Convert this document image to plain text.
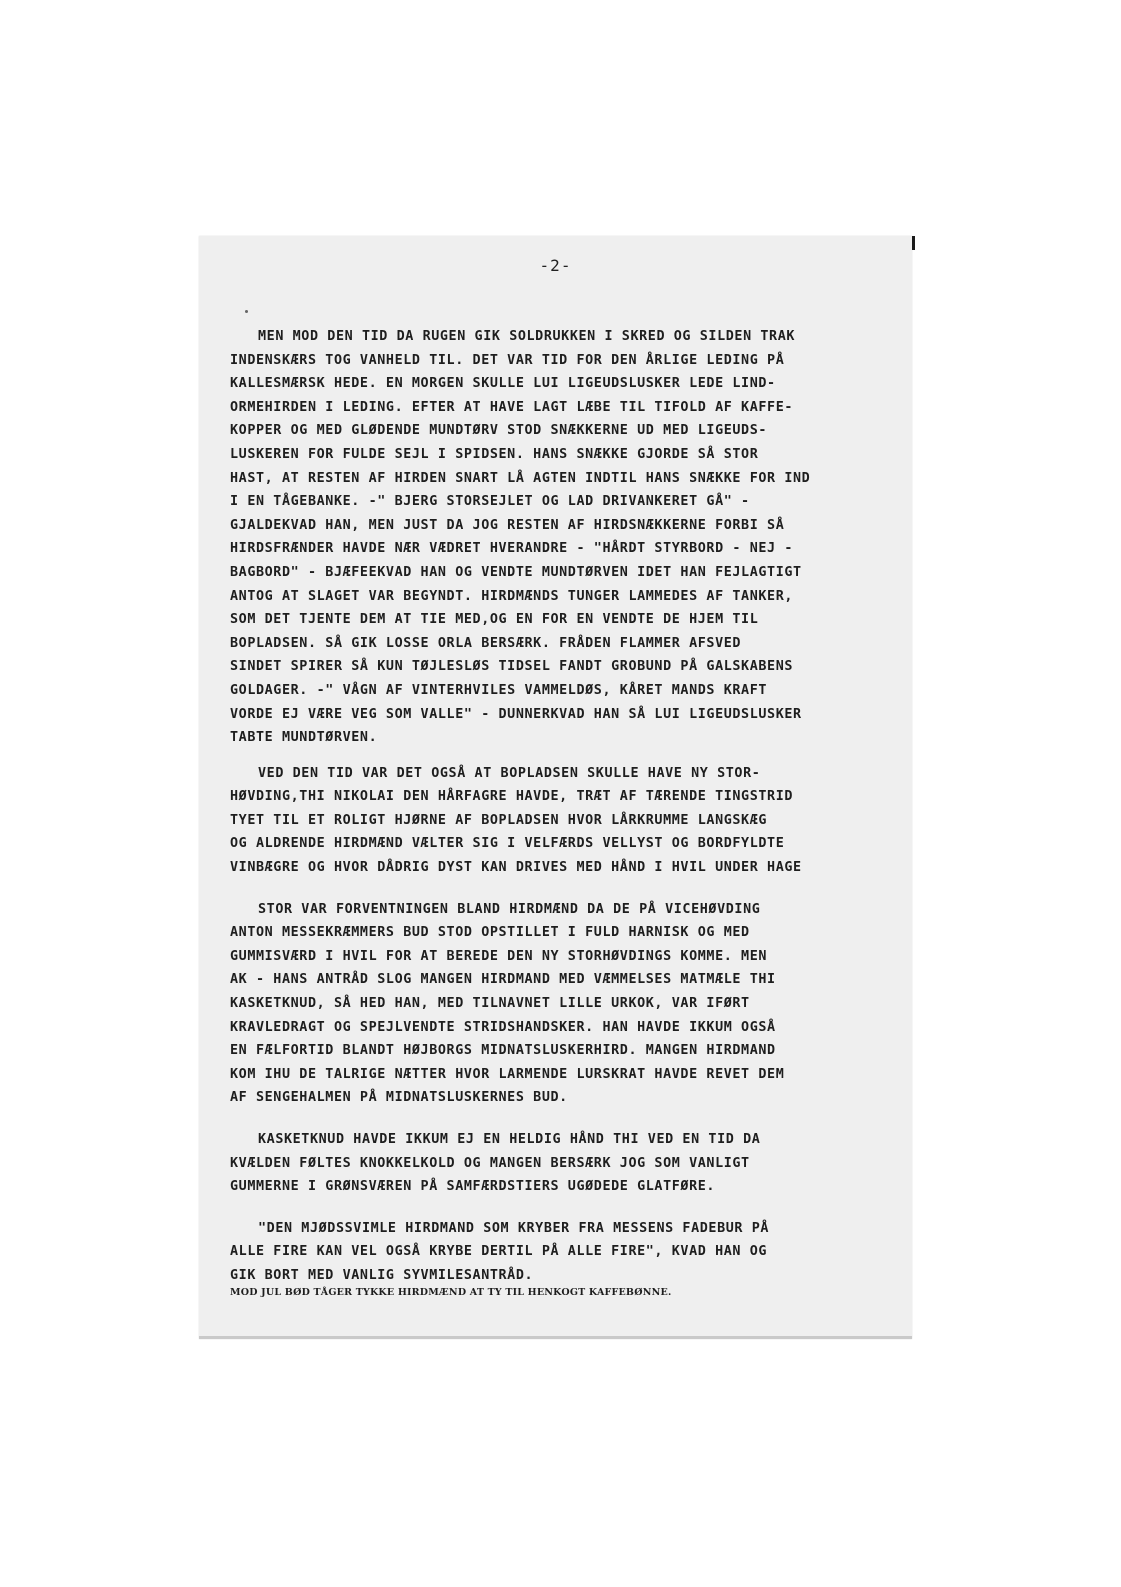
-2-
MEN MOD DEN TID DA RUGEN GIK SOLDRUKKEN I SKRED OG SILDEN TRAK
INDENSKÆRS TOG VANHELD TIL. DET VAR TID FOR DEN ÅRLIGE LEDING PÅ
KALLESMÆRSK HEDE. EN MORGEN SKULLE LUI LIGEUDSLUSKER LEDE LIND-
ORMEHIRDEN I LEDING. EFTER AT HAVE LAGT LÆBE TIL TIFOLD AF KAFFE-
KOPPER OG MED GLØDENDE MUNDTØRV STOD SNÆKKERNE UD MED LIGEUDS-
LUSKEREN FOR FULDE SEJL I SPIDSEN. HANS SNÆKKE GJORDE SÅ STOR
HAST, AT RESTEN AF HIRDEN SNART LÅ AGTEN INDTIL HANS SNÆKKE FOR IND
I EN TÅGEBANKE. -" BJERG STORSEJLET OG LAD DRIVANKERET GÅ" -
GJALDEKVAD HAN, MEN JUST DA JOG RESTEN AF HIRDSNÆKKERNE FORBI SÅ
HIRDSFRÆNDER HAVDE NÆR VÆDRET HVERANDRE - "HÅRDT STYRBORD - NEJ -
BAGBORD" - BJÆFEEKVAD HAN OG VENDTE MUNDTØRVEN IDET HAN FEJLAGTIGT
ANTOG AT SLAGET VAR BEGYNDT. HIRDMÆNDS TUNGER LAMMEDES AF TANKER,
SOM DET TJENTE DEM AT TIE MED,OG EN FOR EN VENDTE DE HJEM TIL
BOPLADSEN. SÅ GIK LOSSE ORLA BERSÆRK. FRÅDEN FLAMMER AFSVED
SINDET SPIRER SÅ KUN TØJLESLØS TIDSEL FANDT GROBUND PÅ GALSKABENS
GOLDAGER. -" VÅGN AF VINTERHVILES VAMMELDØS, KÅRET MANDS KRAFT
VORDE EJ VÆRE VEG SOM VALLE" - DUNNERKVAD HAN SÅ LUI LIGEUDSLUSKER
TABTE MUNDTØRVEN.
VED DEN TID VAR DET OGSÅ AT BOPLADSEN SKULLE HAVE NY STOR-
HØVDING,THI NIKOLAI DEN HÅRFAGRE HAVDE, TRÆT AF TÆRENDE TINGSTRID
TYET TIL ET ROLIGT HJØRNE AF BOPLADSEN HVOR LÅRKRUMME LANGSKÆG
OG ALDRENDE HIRDMÆND VÆLTER SIG I VELFÆRDS VELLYST OG BORDFYLDTE
VINBÆGRE OG HVOR DÅDRIG DYST KAN DRIVES MED HÅND I HVIL UNDER HAGE
STOR VAR FORVENTNINGEN BLAND HIRDMÆND DA DE PÅ VICEHØVDING
ANTON MESSEKRÆMMERS BUD STOD OPSTILLET I FULD HARNISK OG MED
GUMMISVÆRD I HVIL FOR AT BEREDE DEN NY STORHØVDINGS KOMME. MEN
AK - HANS ANTRÅD SLOG MANGEN HIRDMAND MED VÆMMELSES MATMÆLE THI
KASKETKNUD, SÅ HED HAN, MED TILNAVNET LILLE URKOK, VAR IFØRT
KRAVLEDRAGT OG SPEJLVENDTE STRIDSHANDSKER. HAN HAVDE IKKUM OGSÅ
EN FÆLFORTID BLANDT HØJBORGS MIDNATSLUSKERHIRD. MANGEN HIRDMAND
KOM IHU DE TALRIGE NÆTTER HVOR LARMENDE LURSKRAT HAVDE REVET DEM
AF SENGEHALMEN PÅ MIDNATSLUSKERNES BUD.
KASKETKNUD HAVDE IKKUM EJ EN HELDIG HÅND THI VED EN TID DA
KVÆLDEN FØLTES KNOKKELKOLD OG MANGEN BERSÆRK JOG SOM VANLIGT
GUMMERNE I GRØNSVÆREN PÅ SAMFÆRDSTIERS UGØDEDE GLATFØRE.
"DEN MJØDSSVIMLE HIRDMAND SOM KRYBER FRA MESSENS FADEBUR PÅ
ALLE FIRE KAN VEL OGSÅ KRYBE DERTIL PÅ ALLE FIRE", KVAD HAN OG
GIK BORT MED VANLIG SYVMILESANTRÅD.
MOD JUL BØD TÅGER TYKKE HIRDMÆND AT TY TIL HENKOGT KAFFEBØNNE.
